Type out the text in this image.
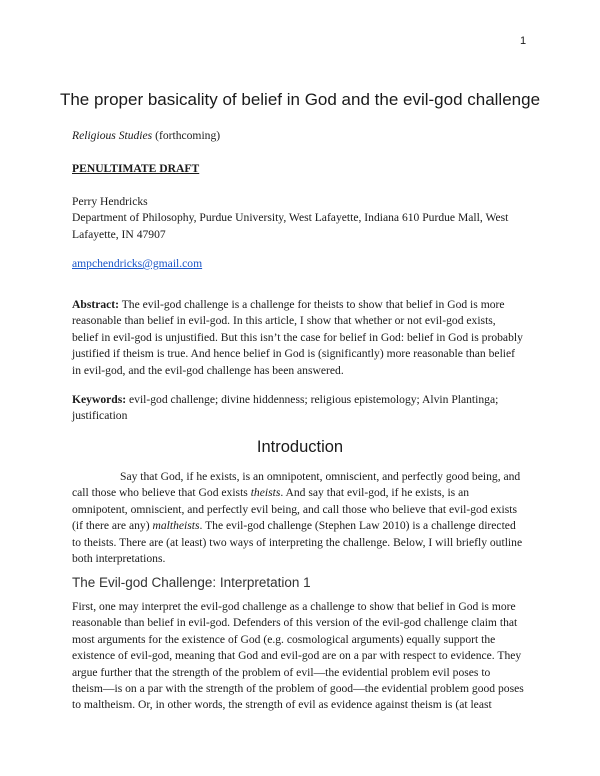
1
The proper basicality of belief in God and the evil-god challenge
Religious Studies (forthcoming)
PENULTIMATE DRAFT
Perry Hendricks
Department of Philosophy, Purdue University, West Lafayette, Indiana 610 Purdue Mall, West
Lafayette, IN 47907
ampchendricks@gmail.com
Abstract: The evil-god challenge is a challenge for theists to show that belief in God is more
reasonable than belief in evil-god. In this article, I show that whether or not evil-god exists,
belief in evil-god is unjustified. But this isn’t the case for belief in God: belief in God is probably
justified if theism is true. And hence belief in God is (significantly) more reasonable than belief
in evil-god, and the evil-god challenge has been answered.
Keywords: evil-god challenge; divine hiddenness; religious epistemology; Alvin Plantinga;
justification
Introduction
Say that God, if he exists, is an omnipotent, omniscient, and perfectly good being, and
call those who believe that God exists theists. And say that evil-god, if he exists, is an
omnipotent, omniscient, and perfectly evil being, and call those who believe that evil-god exists
(if there are any) maltheists. The evil-god challenge (Stephen Law 2010) is a challenge directed
to theists. There are (at least) two ways of interpreting the challenge. Below, I will briefly outline
both interpretations.
The Evil-god Challenge: Interpretation 1
First, one may interpret the evil-god challenge as a challenge to show that belief in God is more
reasonable than belief in evil-god. Defenders of this version of the evil-god challenge claim that
most arguments for the existence of God (e.g. cosmological arguments) equally support the
existence of evil-god, meaning that God and evil-god are on a par with respect to evidence. They
argue further that the strength of the problem of evil—the evidential problem evil poses to
theism—is on a par with the strength of the problem of good—the evidential problem good poses
to maltheism. Or, in other words, the strength of evil as evidence against theism is (at least
